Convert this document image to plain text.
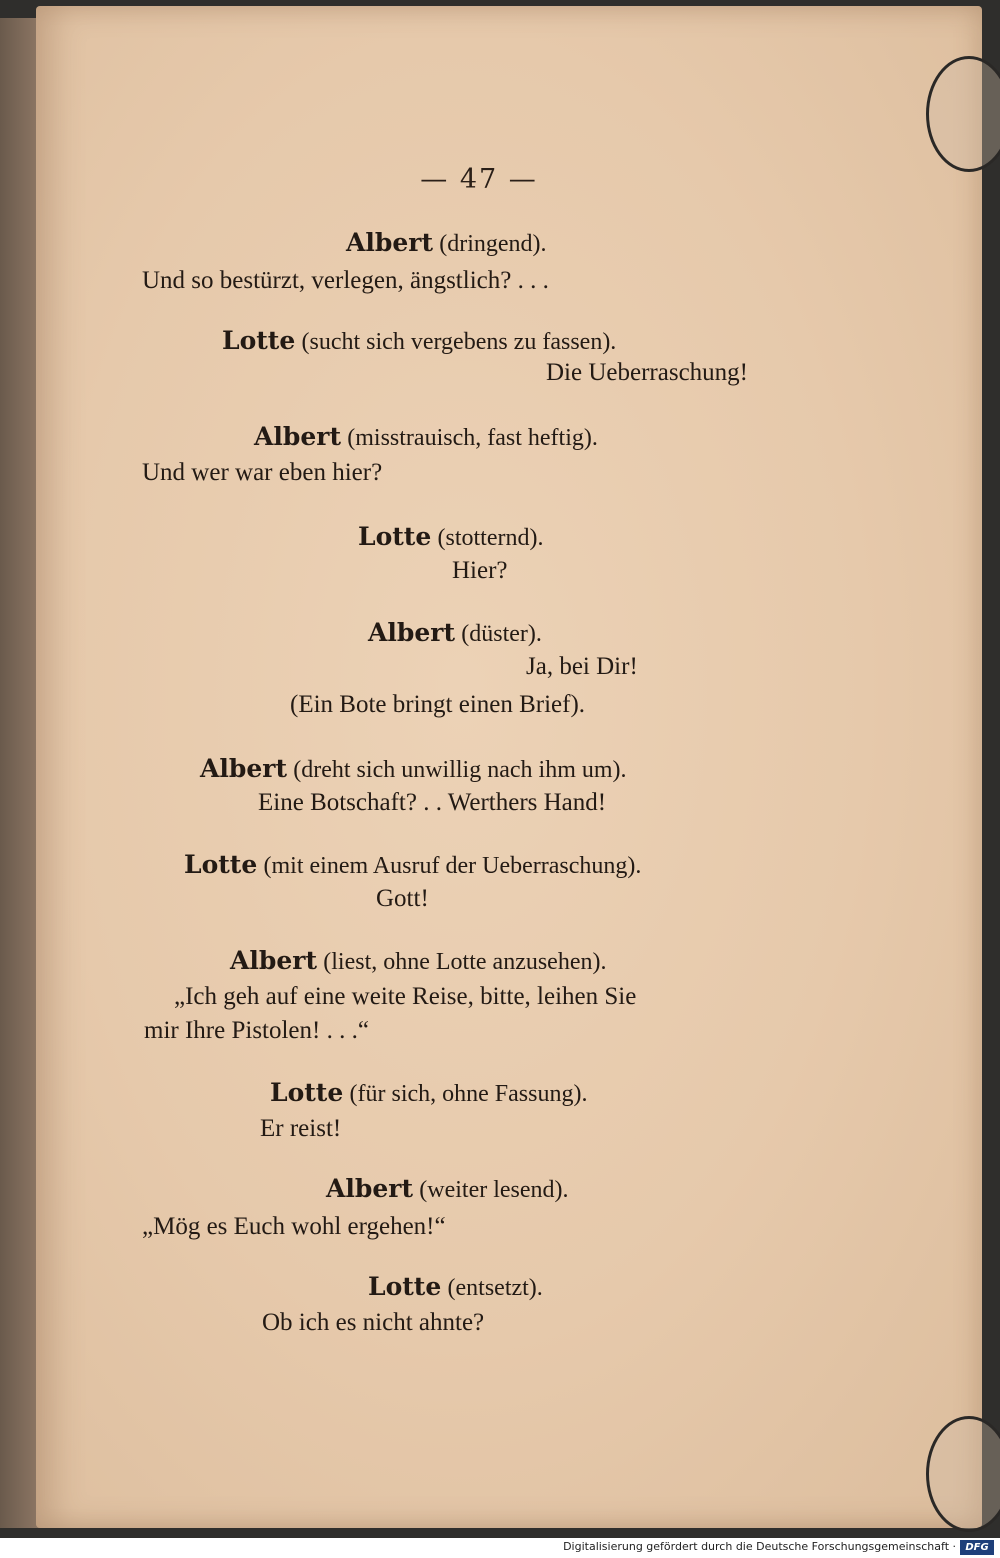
— 47 —
Albert (dringend).
Und so bestürzt, verlegen, ängstlich? . . .
Lotte (sucht sich vergebens zu fassen).
Die Ueberraschung!
Albert (misstrauisch, fast heftig).
Und wer war eben hier?
Lotte (stotternd).
Hier?
Albert (düster).
Ja, bei Dir!
(Ein Bote bringt einen Brief).
Albert (dreht sich unwillig nach ihm um).
Eine Botschaft? . . Werthers Hand!
Lotte (mit einem Ausruf der Ueberraschung).
Gott!
Albert (liest, ohne Lotte anzusehen).
„Ich geh auf eine weite Reise, bitte, leihen Sie
mir Ihre Pistolen! . . .“
Lotte (für sich, ohne Fassung).
Er reist!
Albert (weiter lesend).
„Mög es Euch wohl ergehen!“
Lotte (entsetzt).
Ob ich es nicht ahnte?
Digitalisierung gefördert durch die Deutsche Forschungsgemeinschaft · DFG
